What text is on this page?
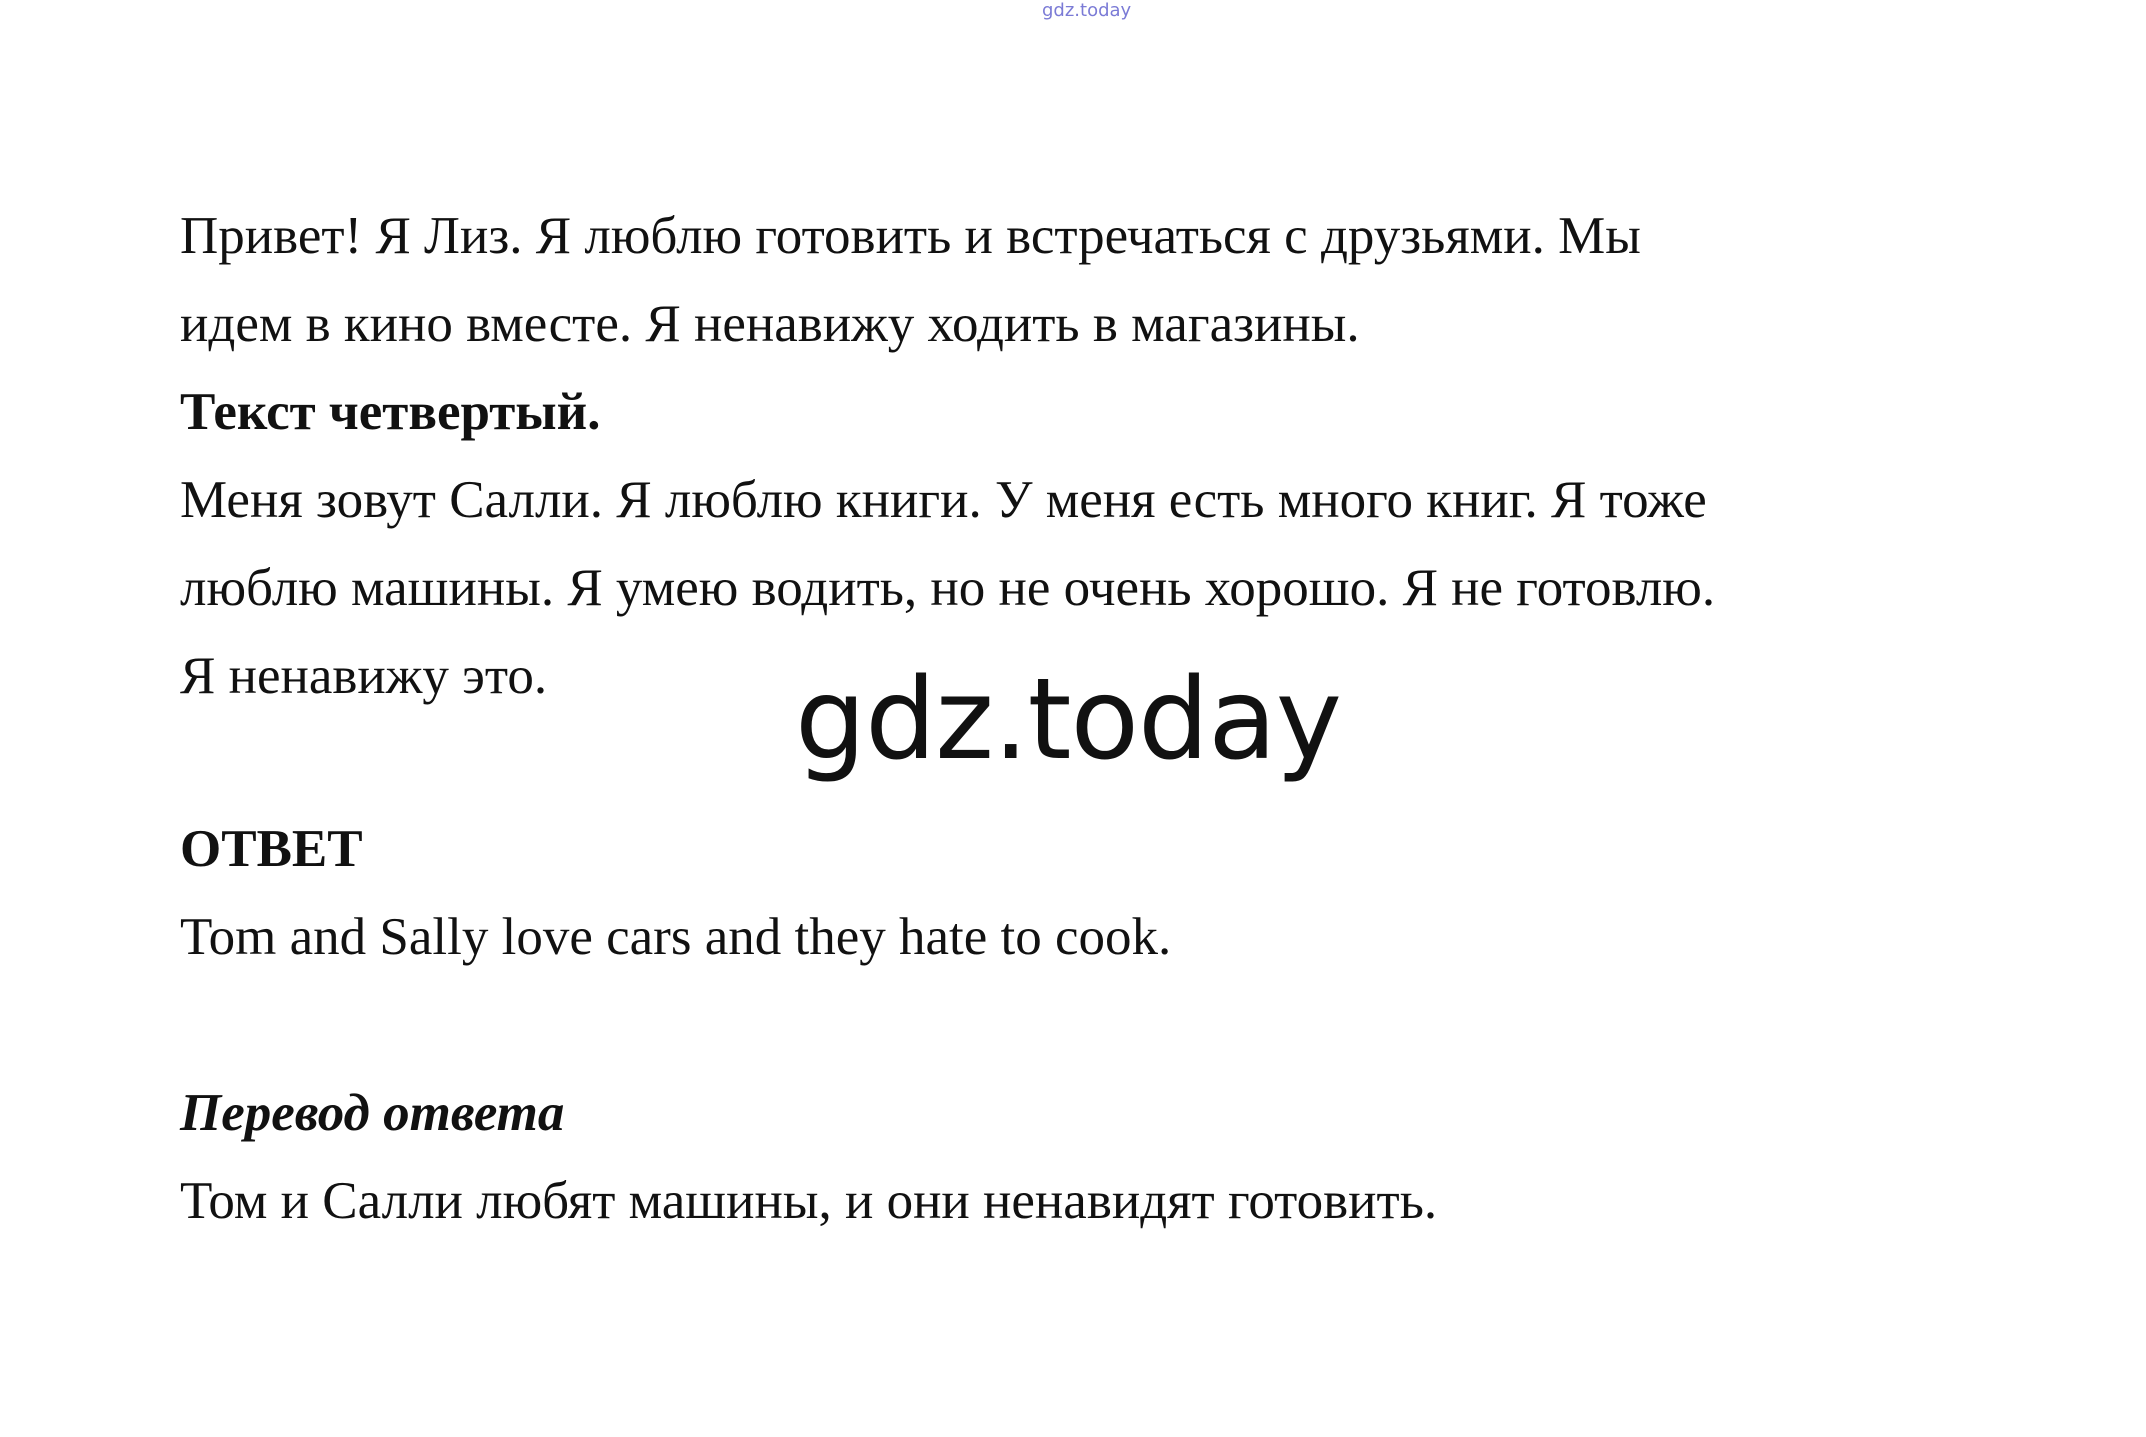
gdz.today
Привет! Я Лиз. Я люблю готовить и встречаться с друзьями. Мы
идем в кино вместе. Я ненавижу ходить в магазины.
Текст четвертый.
Меня зовут Салли. Я люблю книги. У меня есть много книг. Я тоже
люблю машины. Я умею водить, но не очень хорошо. Я не готовлю.
Я ненавижу это.
ОТВЕТ
Tom and Sally love cars and they hate to cook.
Перевод ответа
Том и Салли любят машины, и они ненавидят готовить.
gdz.today
